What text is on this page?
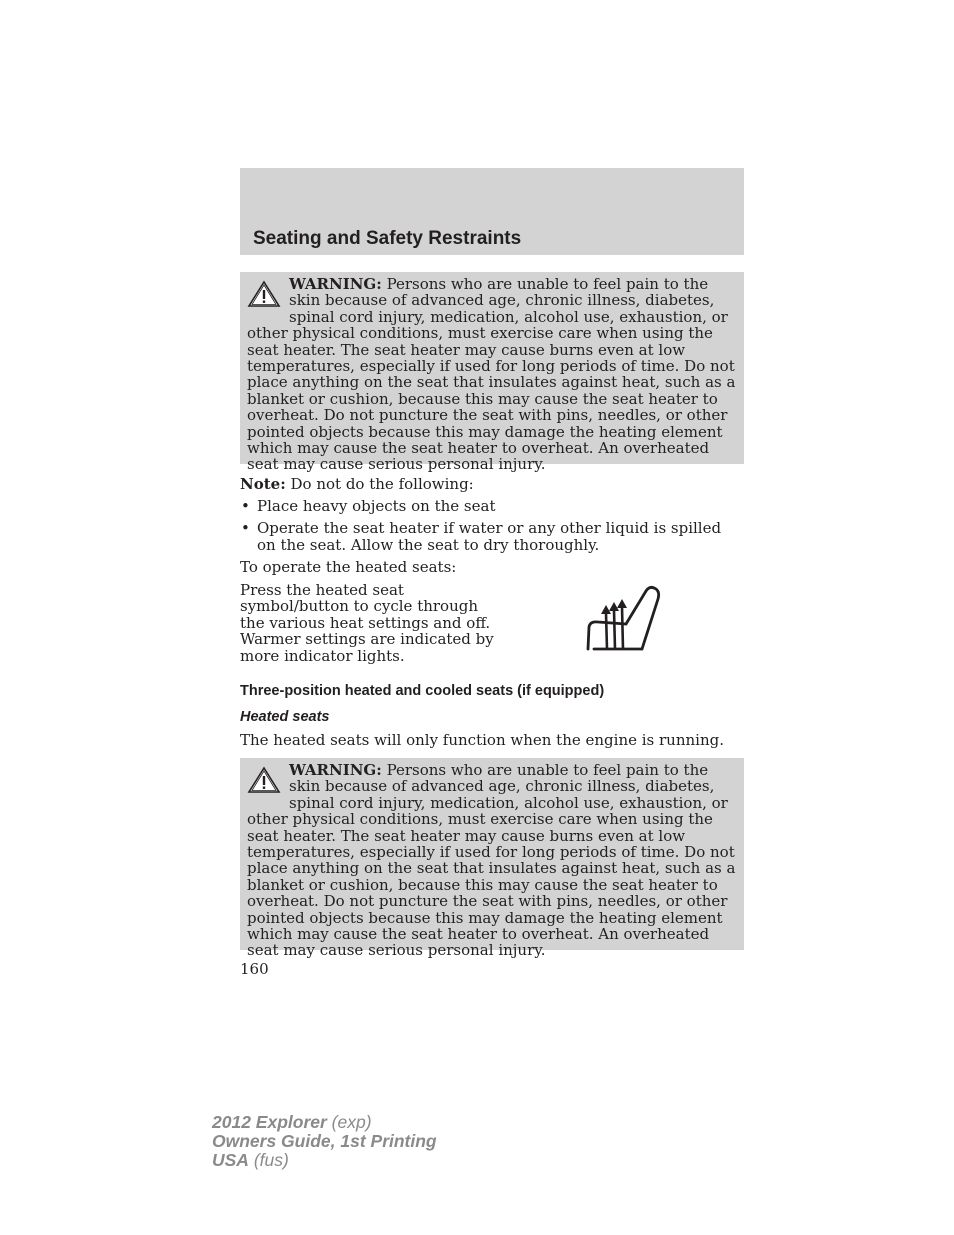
Seating and Safety Restraints

WARNING: Persons who are unable to feel pain to the skin because of advanced age, chronic illness, diabetes, spinal cord injury, medication, alcohol use, exhaustion, or other physical conditions, must exercise care when using the seat heater. The seat heater may cause burns even at low temperatures, especially if used for long periods of time. Do not place anything on the seat that insulates against heat, such as a blanket or cushion, because this may cause the seat heater to overheat. Do not puncture the seat with pins, needles, or other pointed objects because this may damage the heating element which may cause the seat heater to overheat. An overheated seat may cause serious personal injury.

Note: Do not do the following:

• Place heavy objects on the seat
• Operate the seat heater if water or any other liquid is spilled on the seat. Allow the seat to dry thoroughly.

To operate the heated seats:

Press the heated seat symbol/button to cycle through the various heat settings and off. Warmer settings are indicated by more indicator lights.

Three-position heated and cooled seats (if equipped)
Heated seats

The heated seats will only function when the engine is running.

WARNING: Persons who are unable to feel pain to the skin because of advanced age, chronic illness, diabetes, spinal cord injury, medication, alcohol use, exhaustion, or other physical conditions, must exercise care when using the seat heater. The seat heater may cause burns even at low temperatures, especially if used for long periods of time. Do not place anything on the seat that insulates against heat, such as a blanket or cushion, because this may cause the seat heater to overheat. Do not puncture the seat with pins, needles, or other pointed objects because this may damage the heating element which may cause the seat heater to overheat. An overheated seat may cause serious personal injury.

160

2012 Explorer (exp)

Owners Guide, 1st Printing

USA (fus)
